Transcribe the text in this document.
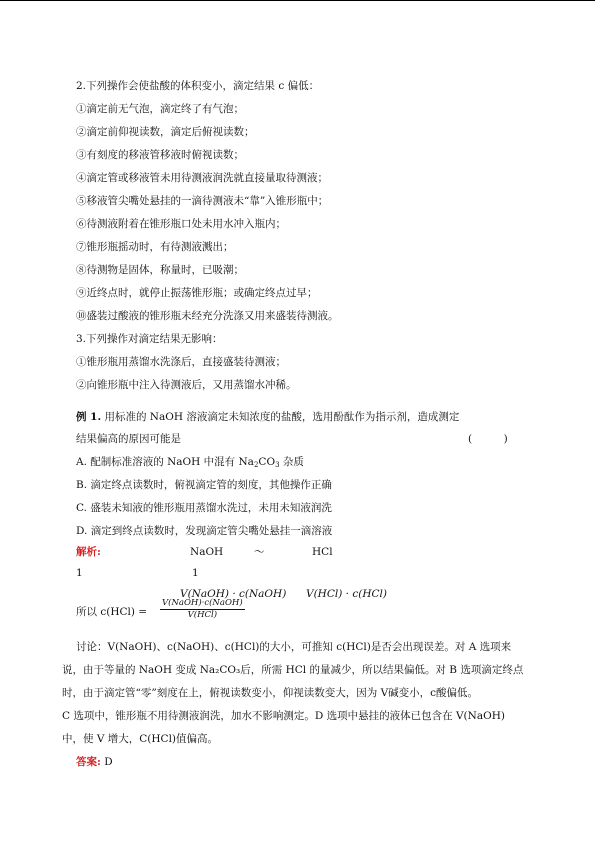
2.下列操作会使盐酸的体积变小，滴定结果 c 偏低：
①滴定前无气泡，滴定终了有气泡；
②滴定前仰视读数，滴定后俯视读数；
③有刻度的移液管移液时俯视读数；
④滴定管或移液管未用待测液润洗就直接量取待测液；
⑤移液管尖嘴处悬挂的一滴待测液未“靠”入锥形瓶中；
⑥待测液附着在锥形瓶口处未用水冲入瓶内；
⑦锥形瓶摇动时，有待测液溅出；
⑧待测物是固体，称量时，已吸潮；
⑨近终点时，就停止振荡锥形瓶；或确定终点过早；
⑩盛装过酸液的锥形瓶未经充分洗涤又用来盛装待测液。
3.下列操作对滴定结果无影响：
①锥形瓶用蒸馏水洗涤后，直接盛装待测液；
②向锥形瓶中注入待测液后，又用蒸馏水冲稀。
例 1. 用标准的 NaOH 溶液滴定未知浓度的盐酸，选用酚酞作为指示剂，造成测定
结果偏高的原因可能是	(　　　)
A. 配制标准溶液的 NaOH 中混有 $Na_2CO_3$ 杂质
B. 滴定终点读数时，俯视滴定管的刻度，其他操作正确
C. 盛装未知液的锥形瓶用蒸馏水洗过，未用未知液润洗
D. 滴定到终点读数时，发现滴定管尖嘴处悬挂一滴溶液
解析:	NaOH	～	HCl
1	1
V(NaOH) · c(NaOH) V(HCl) · c(HCl)
所以 c(HCl) =
V(NaOH)·c(NaOH)
V(HCl)
讨论：V(NaOH)、c(NaOH)、c(HCl)的大小，可推知 c(HCl)是否会出现误差。对 A 选项来
说，由于等量的 NaOH 变成 Na₂CO₃后，所需 HCl 的量减少，所以结果偏低。对 B 选项滴定终点
时，由于滴定管“零”刻度在上，俯视读数变小，仰视读数变大，因为 V碱变小，c酸偏低。
C 选项中，锥形瓶不用待测液润洗，加水不影响测定。D 选项中悬挂的液体已包含在 V(NaOH)
中，使 V 增大，C(HCl)值偏高。
答案: D
